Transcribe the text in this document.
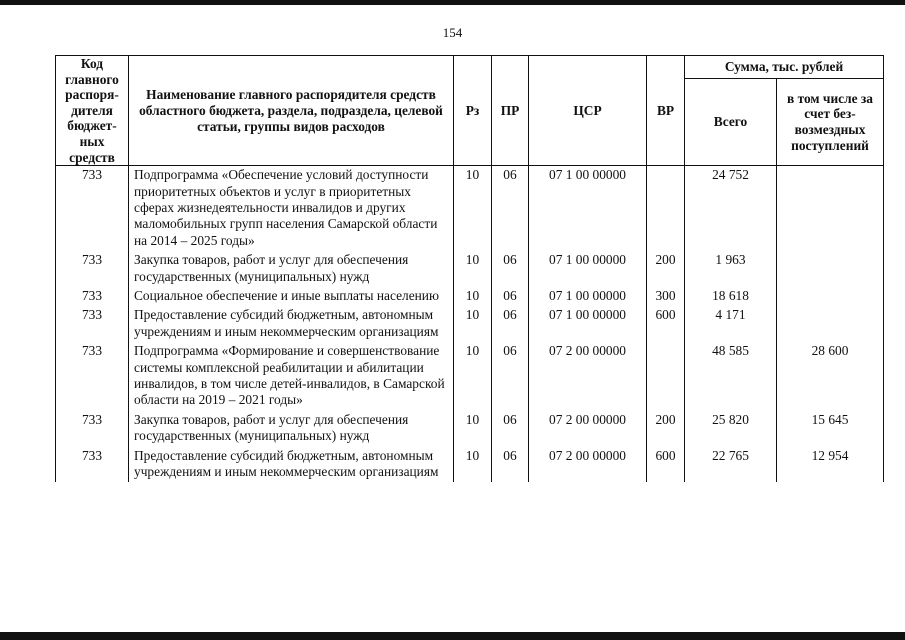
154
Код главного распоря-дителя бюджет-ных средств	Наименование главного распорядителя средств областного бюджета, раздела, подраздела, целевой статьи, группы видов расходов	Рз	ПР	ЦСР	ВР	Сумма, тыс. рублей	
						Всего	в том числе за счет без-возмездных поступлений
733	Подпрограмма «Обеспечение условий доступности приоритетных объектов и услуг в приоритетных сферах жизнедеятельности инвалидов и других маломобильных групп населения Самарской области на 2014 – 2025 годы»	10	06	07 1 00 00000		24 752	
733	Закупка товаров, работ и услуг для обеспечения государственных (муниципальных) нужд	10	06	07 1 00 00000	200	1 963	
733	Социальное обеспечение и иные выплаты населению	10	06	07 1 00 00000	300	18 618	
733	Предоставление субсидий бюджетным, автономным учреждениям и иным некоммерческим организациям	10	06	07 1 00 00000	600	4 171	
733	Подпрограмма «Формирование и совершенствование системы комплексной реабилитации и абилитации инвалидов, в том числе детей-инвалидов, в Самарской области на 2019 – 2021 годы»	10	06	07 2 00 00000		48 585	28 600
733	Закупка товаров, работ и услуг для обеспечения государственных (муниципальных) нужд	10	06	07 2 00 00000	200	25 820	15 645
733	Предоставление субсидий бюджетным, автономным учреждениям и иным некоммерческим организациям	10	06	07 2 00 00000	600	22 765	12 954
